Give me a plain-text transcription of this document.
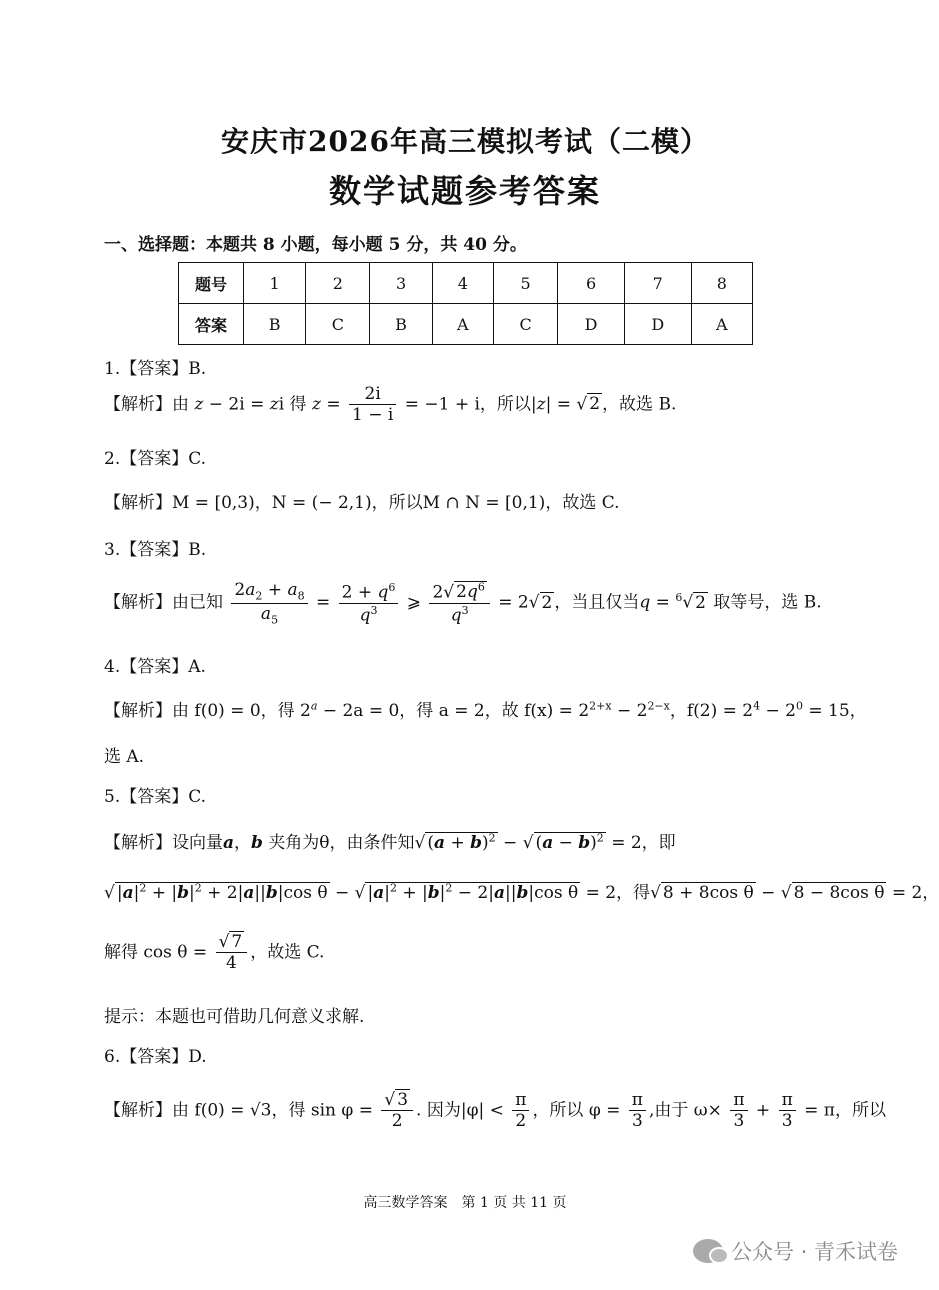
安庆市2026年高三模拟考试（二模）
数学试题参考答案
一、选择题：本题共 8 小题，每小题 5 分，共 40 分。
题号	1	2	3	4	5	6	7	8
答案	B	C	B	A	C	D	D	A
1.【答案】B.
【解析】由 z − 2i = zi 得 $z = \frac{2i}{1 - i} = -1 + i$，所以|z| = √ 2 ，故选 B.
2.【答案】C.
【解析】M = [0,3)，N = (− 2,1)，所以M ∩ N = [0,1)，故选 C.
3.【答案】B.
【解析】由已知 $\frac{2a_2 + a_8}{a_5} = \frac{2 + q^6}{q^3}$ ⩾ $\frac{2√ 2q^6}{q^3} = 2√$ 2 ，当且仅当q = $^6$√ 2 取等号，选 B.
4.【答案】A.
【解析】由 f(0) = 0，得 $2^a - 2a = 0$，得 a = 2，故 $f(x) = 2^{2+x} - 2^{2-x}$，$f(2) = 2^4 - 2^0 = 15$，
选 A.
5.【答案】C.
【解析】设向量a，b 夹角为θ，由条件知√ $(a + b)^2$ − √ $(a - b)^2 = 2$，即
√ $|a|^2 + |b|^2 + 2|a||b|\cos$ θ − √ $|a|^2 + |b|^2 - 2|a||b|\cos$ θ = 2，得√ 8 + 8cos θ − √ 8 − 8cos θ = 2，
解得 $\cos \theta = \frac{√ 7}{4}$ ，故选 C.
提示：本题也可借助几何意义求解.
6.【答案】D.
【解析】由 f(0) = √3，得 $\sin \varphi = \frac{√ 3}{2}$ . 因为$|\varphi| < \frac{\pi}{2}$ ，所以 $\varphi = \frac{\pi}{3}$ ,由于 $\omega\times \frac{\pi}{3} + \frac{\pi}{3} = \pi$，所以
高三数学答案　第 1 页 共 11 页
公众号 · 青禾试卷
